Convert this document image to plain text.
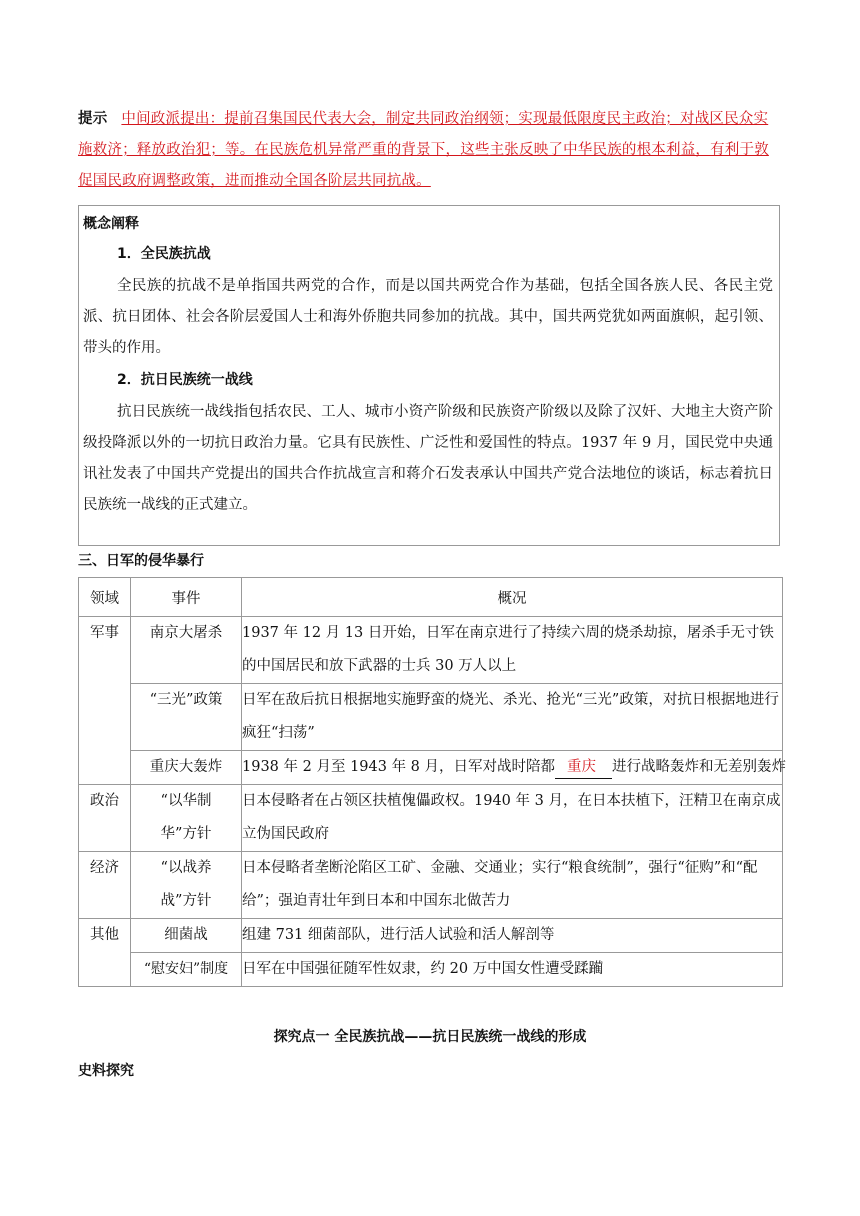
提示 中间政派提出：提前召集国民代表大会，制定共同政治纲领；实现最低限度民主政治；对战区民众实施救济；释放政治犯；等。在民族危机异常严重的背景下，这些主张反映了中华民族的根本利益，有利于敦促国民政府调整政策，进而推动全国各阶层共同抗战。
概念阐释
1．全民族抗战

全民族的抗战不是单指国共两党的合作，而是以国共两党合作为基础，包括全国各族人民、各民主党派、抗日团体、社会各阶层爱国人士和海外侨胞共同参加的抗战。其中，国共两党犹如两面旗帜，起引领、带头的作用。

2．抗日民族统一战线

抗日民族统一战线指包括农民、工人、城市小资产阶级和民族资产阶级以及除了汉奸、大地主大资产阶级投降派以外的一切抗日政治力量。它具有民族性、广泛性和爱国性的特点。1937 年 9 月，国民党中央通讯社发表了中国共产党提出的国共合作抗战宣言和蒋介石发表承认中国共产党合法地位的谈话，标志着抗日民族统一战线的正式建立。

三、日军的侵华暴行
领域	事件	概况
军事	南京大屠杀	1937 年 12 月 13 日开始，日军在南京进行了持续六周的烧杀劫掠，屠杀手无寸铁的中国居民和放下武器的士兵 30 万人以上
	“三光”政策	日军在敌后抗日根据地实施野蛮的烧光、杀光、抢光“三光”政策，对抗日根据地进行疯狂“扫荡”
	重庆大轰炸	1938 年 2 月至 1943 年 8 月，日军对战时陪都 重庆 进行战略轰炸和无差别轰炸
政治	“以华制华”方针	日本侵略者在占领区扶植傀儡政权。1940 年 3 月，在日本扶植下，汪精卫在南京成立伪国民政府
经济	“以战养战”方针	日本侵略者垄断沦陷区工矿、金融、交通业；实行“粮食统制”，强行“征购”和“配给”；强迫青壮年到日本和中国东北做苦力
其他	细菌战	组建 731 细菌部队，进行活人试验和活人解剖等
	“慰安妇”制度	日军在中国强征随军性奴隶，约 20 万中国女性遭受蹂躏
探究点一 全民族抗战——抗日民族统一战线的形成
史料探究
